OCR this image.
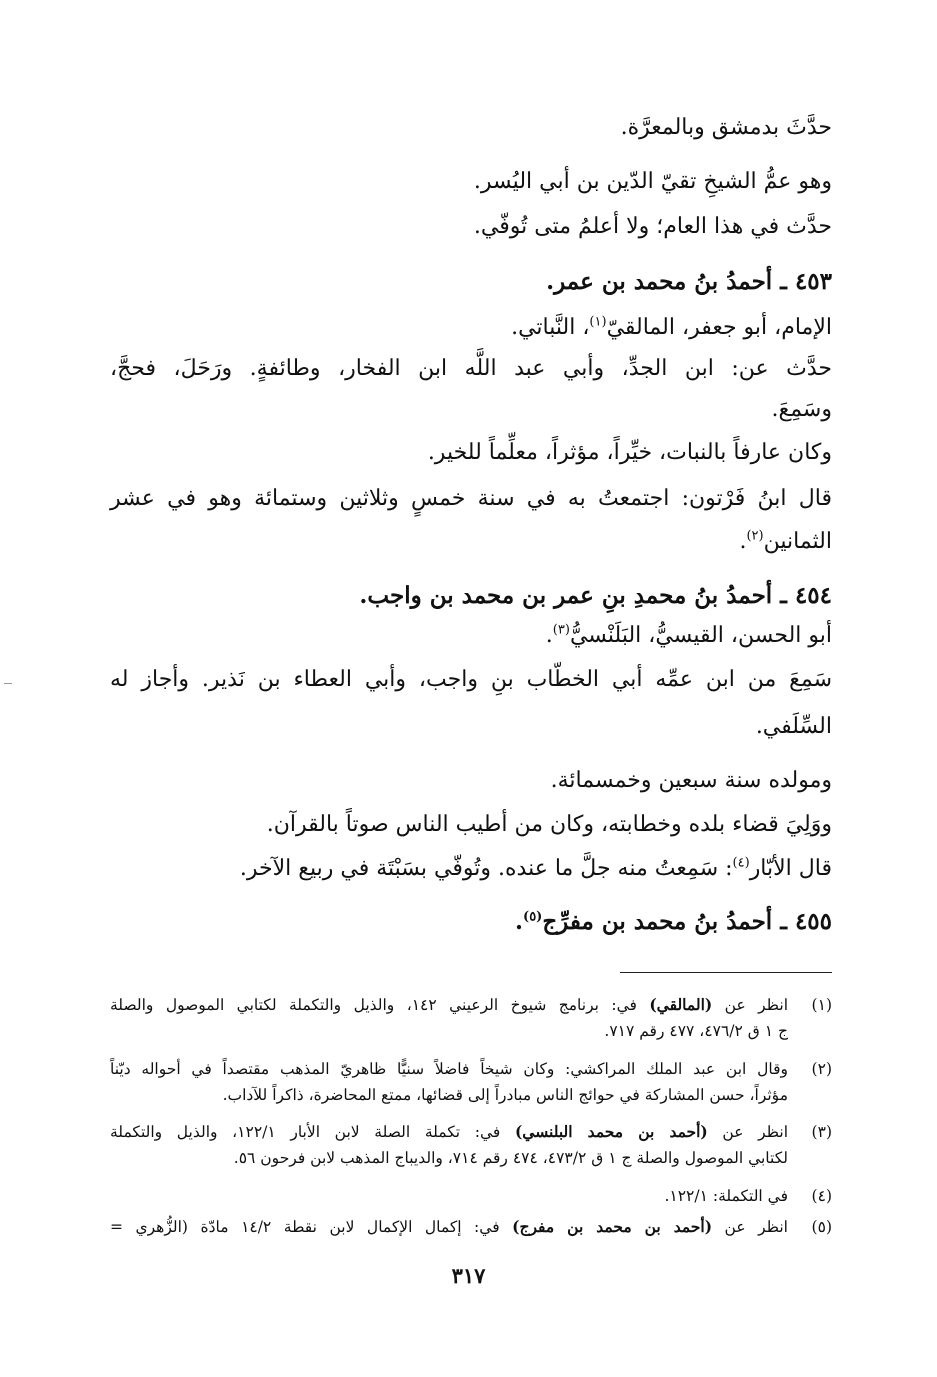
حدَّثَ بدمشق وبالمعرَّة.
وهو عمُّ الشيخِ تقيّ الدّين بن أبي اليُسر.
حدَّث في هذا العام؛ ولا أعلمُ متى تُوفّي.
٤٥٣ ـ أحمدُ بنُ محمد بن عمر.
الإمام، أبو جعفر، المالقيّ$^{(١)}$، النَّباتي.
حدَّث عن: ابن الجدِّ، وأبي عبد اللَّه ابن الفخار، وطائفةٍ. ورَحَلَ، فحجَّ،
وسَمِعَ.
وكان عارفاً بالنبات، خيِّراً، مؤثراً، معلِّماً للخير.
قال ابنُ فَرْتون: اجتمعتُ به في سنة خمسٍ وثلاثين وستمائة وهو في عشر
الثمانين$^{(٢)}$.
٤٥٤ ـ أحمدُ بنُ محمدِ بنِ عمر بن محمد بن واجب.
أبو الحسن، القيسيُّ، البَلَنْسيُّ$^{(٣)}$.
سَمِعَ من ابن عمِّه أبي الخطّاب بنِ واجب، وأبي العطاء بن نَذير. وأجاز له
السِّلَفي.
ومولده سنة سبعين وخمسمائة.
ووَلِيَ قضاء بلده وخطابته، وكان من أطيب الناس صوتاً بالقرآن.
قال الأبّار$^{(٤)}$: سَمِعتُ منه جلَّ ما عنده. وتُوفّي بسَبْتَة في ربيع الآخر.
٤٥٥ ـ أحمدُ بنُ محمد بن مفرِّج$^{(٥)}$.
(١)
انظر عن (المالقي) في: برنامج شيوخ الرعيني ١٤٢، والذيل والتكملة لكتابي الموصول والصلة
ج ١ ق ٤٧٦/٢، ٤٧٧ رقم ٧١٧.
(٢)
وقال ابن عبد الملك المراكشي: وكان شيخاً فاضلاً سنيًّا ظاهريّ المذهب مقتصداً في أحواله ديّناً
مؤثراً، حسن المشاركة في حوائج الناس مبادراً إلى قضائها، ممتع المحاضرة، ذاكراً للآداب.
(٣)
انظر عن (أحمد بن محمد البلنسي) في: تكملة الصلة لابن الأبار ١٢٢/١، والذيل والتكملة
لكتابي الموصول والصلة ج ١ ق ٤٧٣/٢، ٤٧٤ رقم ٧١٤، والديباج المذهب لابن فرحون ٥٦.
(٤)
في التكملة: ١٢٢/١.
(٥)
انظر عن (أحمد بن محمد بن مفرج) في: إكمال الإكمال لابن نقطة ١٤/٢ مادّة (الزُّهري =
٣١٧
